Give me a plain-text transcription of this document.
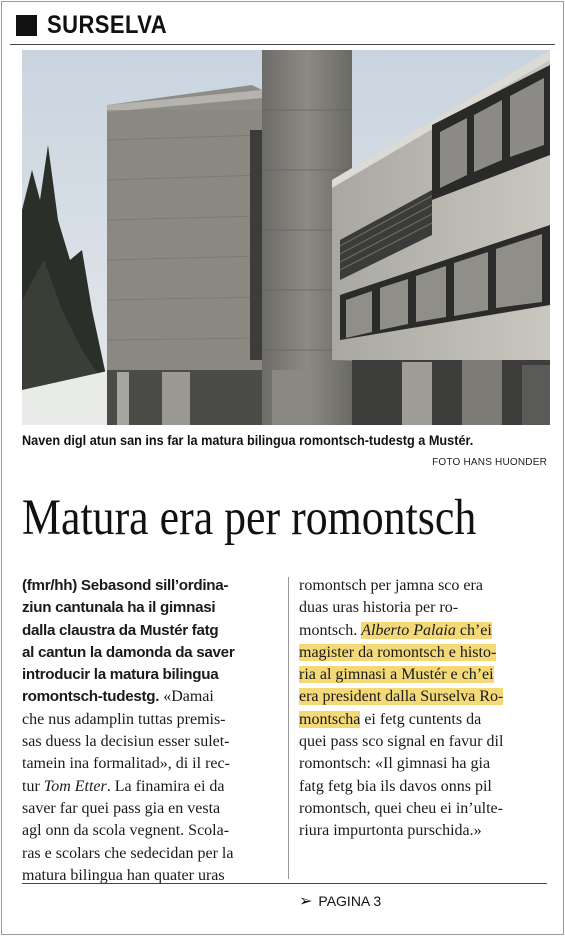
SURSELVA
Naven digl atun san ins far la matura bilingua romontsch-tudestg a Mustér.
FOTO HANS HUONDER
Matura era per romontsch
(fmr/hh) Sebasond sill’ordina-
ziun cantunala ha il gimnasi
dalla claustra da Mustér fatg
al cantun la damonda da saver
introducir la matura bilingua
romontsch-tudestg. «Damai
che nus adamplin tuttas premis-
sas duess la decisiun esser sulet-
tamein ina formalitad», di il rec-
tur Tom Etter. La finamira ei da
saver far quei pass gia en vesta
agl onn da scola vegnent. Scola-
ras e scolars che sedecidan per la
matura bilingua han quater uras
romontsch per jamna sco era
duas uras historia per ro-
montsch. Alberto Palaia ch’ei
magister da romontsch e histo-
ria al gimnasi a Mustér e ch’ei
era president dalla Surselva Ro-
montscha ei fetg cuntents da
quei pass sco signal en favur dil
romontsch: «Il gimnasi ha gia
fatg fetg bia ils davos onns pil
romontsch, quei cheu ei in’ulte-
riura impurtonta purschida.»
➢ PAGINA 3
